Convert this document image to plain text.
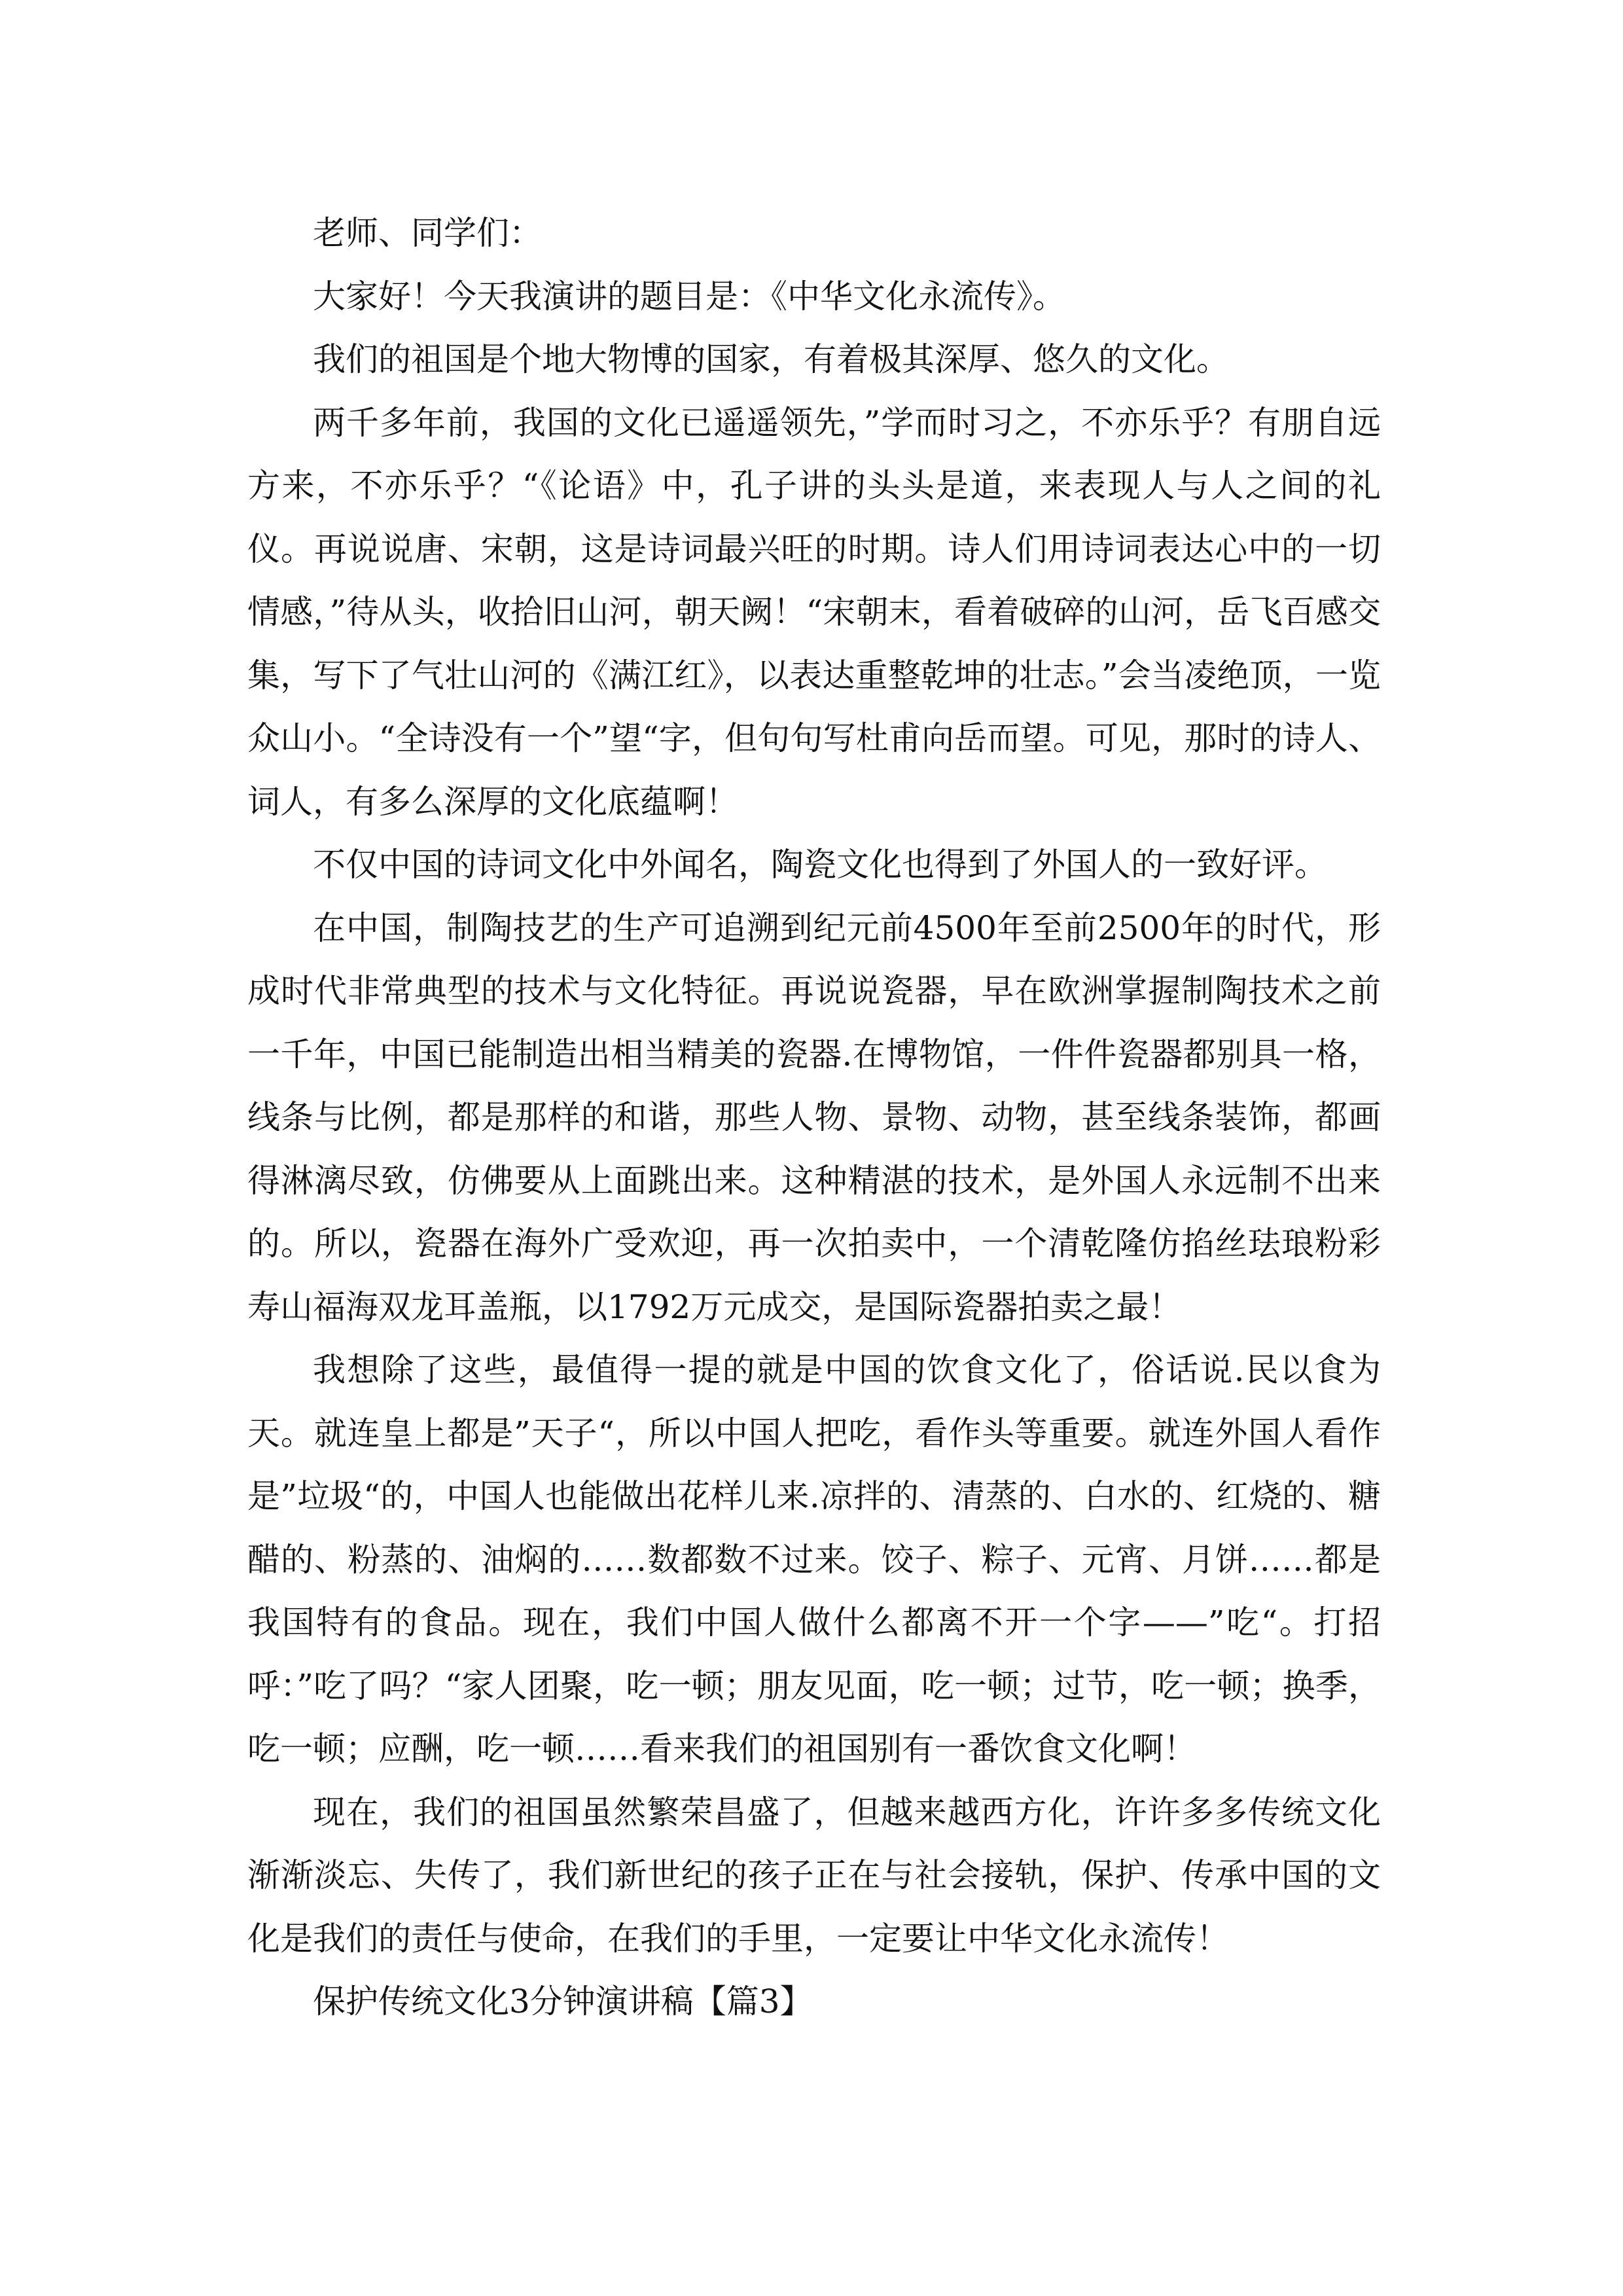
老师、同学们：

大家好！今天我演讲的题目是：《中华文化永流传》。

我们的祖国是个地大物博的国家，有着极其深厚、悠久的文化。

两千多年前，我国的文化已遥遥领先，”学而时习之，不亦乐乎？有朋自远方来，不亦乐乎？“《论语》中，孔子讲的头头是道，来表现人与人之间的礼仪。再说说唐、宋朝，这是诗词最兴旺的时期。诗人们用诗词表达心中的一切情感，”待从头，收拾旧山河，朝天阙！“宋朝末，看着破碎的山河，岳飞百感交集，写下了气壮山河的《满江红》，以表达重整乾坤的壮志。”会当凌绝顶，一览众山小。“全诗没有一个”望“字，但句句写杜甫向岳而望。可见，那时的诗人、词人，有多么深厚的文化底蕴啊！

不仅中国的诗词文化中外闻名，陶瓷文化也得到了外国人的一致好评。

在中国，制陶技艺的生产可追溯到纪元前4500年至前2500年的时代，形成时代非常典型的技术与文化特征。再说说瓷器，早在欧洲掌握制陶技术之前一千年，中国已能制造出相当精美的瓷器.在博物馆，一件件瓷器都别具一格，线条与比例，都是那样的和谐，那些人物、景物、动物，甚至线条装饰，都画得淋漓尽致，仿佛要从上面跳出来。这种精湛的技术，是外国人永远制不出来的。所以，瓷器在海外广受欢迎，再一次拍卖中，一个清乾隆仿掐丝珐琅粉彩寿山福海双龙耳盖瓶，以1792万元成交，是国际瓷器拍卖之最！

我想除了这些，最值得一提的就是中国的饮食文化了，俗话说.民以食为天。就连皇上都是”天子“，所以中国人把吃，看作头等重要。就连外国人看作是”垃圾“的，中国人也能做出花样儿来.凉拌的、清蒸的、白水的、红烧的、糖醋的、粉蒸的、油焖的……数都数不过来。饺子、粽子、元宵、月饼……都是我国特有的食品。现在，我们中国人做什么都离不开一个字——”吃“。打招呼：”吃了吗？“家人团聚，吃一顿；朋友见面，吃一顿；过节，吃一顿；换季，吃一顿；应酬，吃一顿……看来我们的祖国别有一番饮食文化啊！

现在，我们的祖国虽然繁荣昌盛了，但越来越西方化，许许多多传统文化渐渐淡忘、失传了，我们新世纪的孩子正在与社会接轨，保护、传承中国的文化是我们的责任与使命，在我们的手里，一定要让中华文化永流传！

保护传统文化3分钟演讲稿【篇3】
